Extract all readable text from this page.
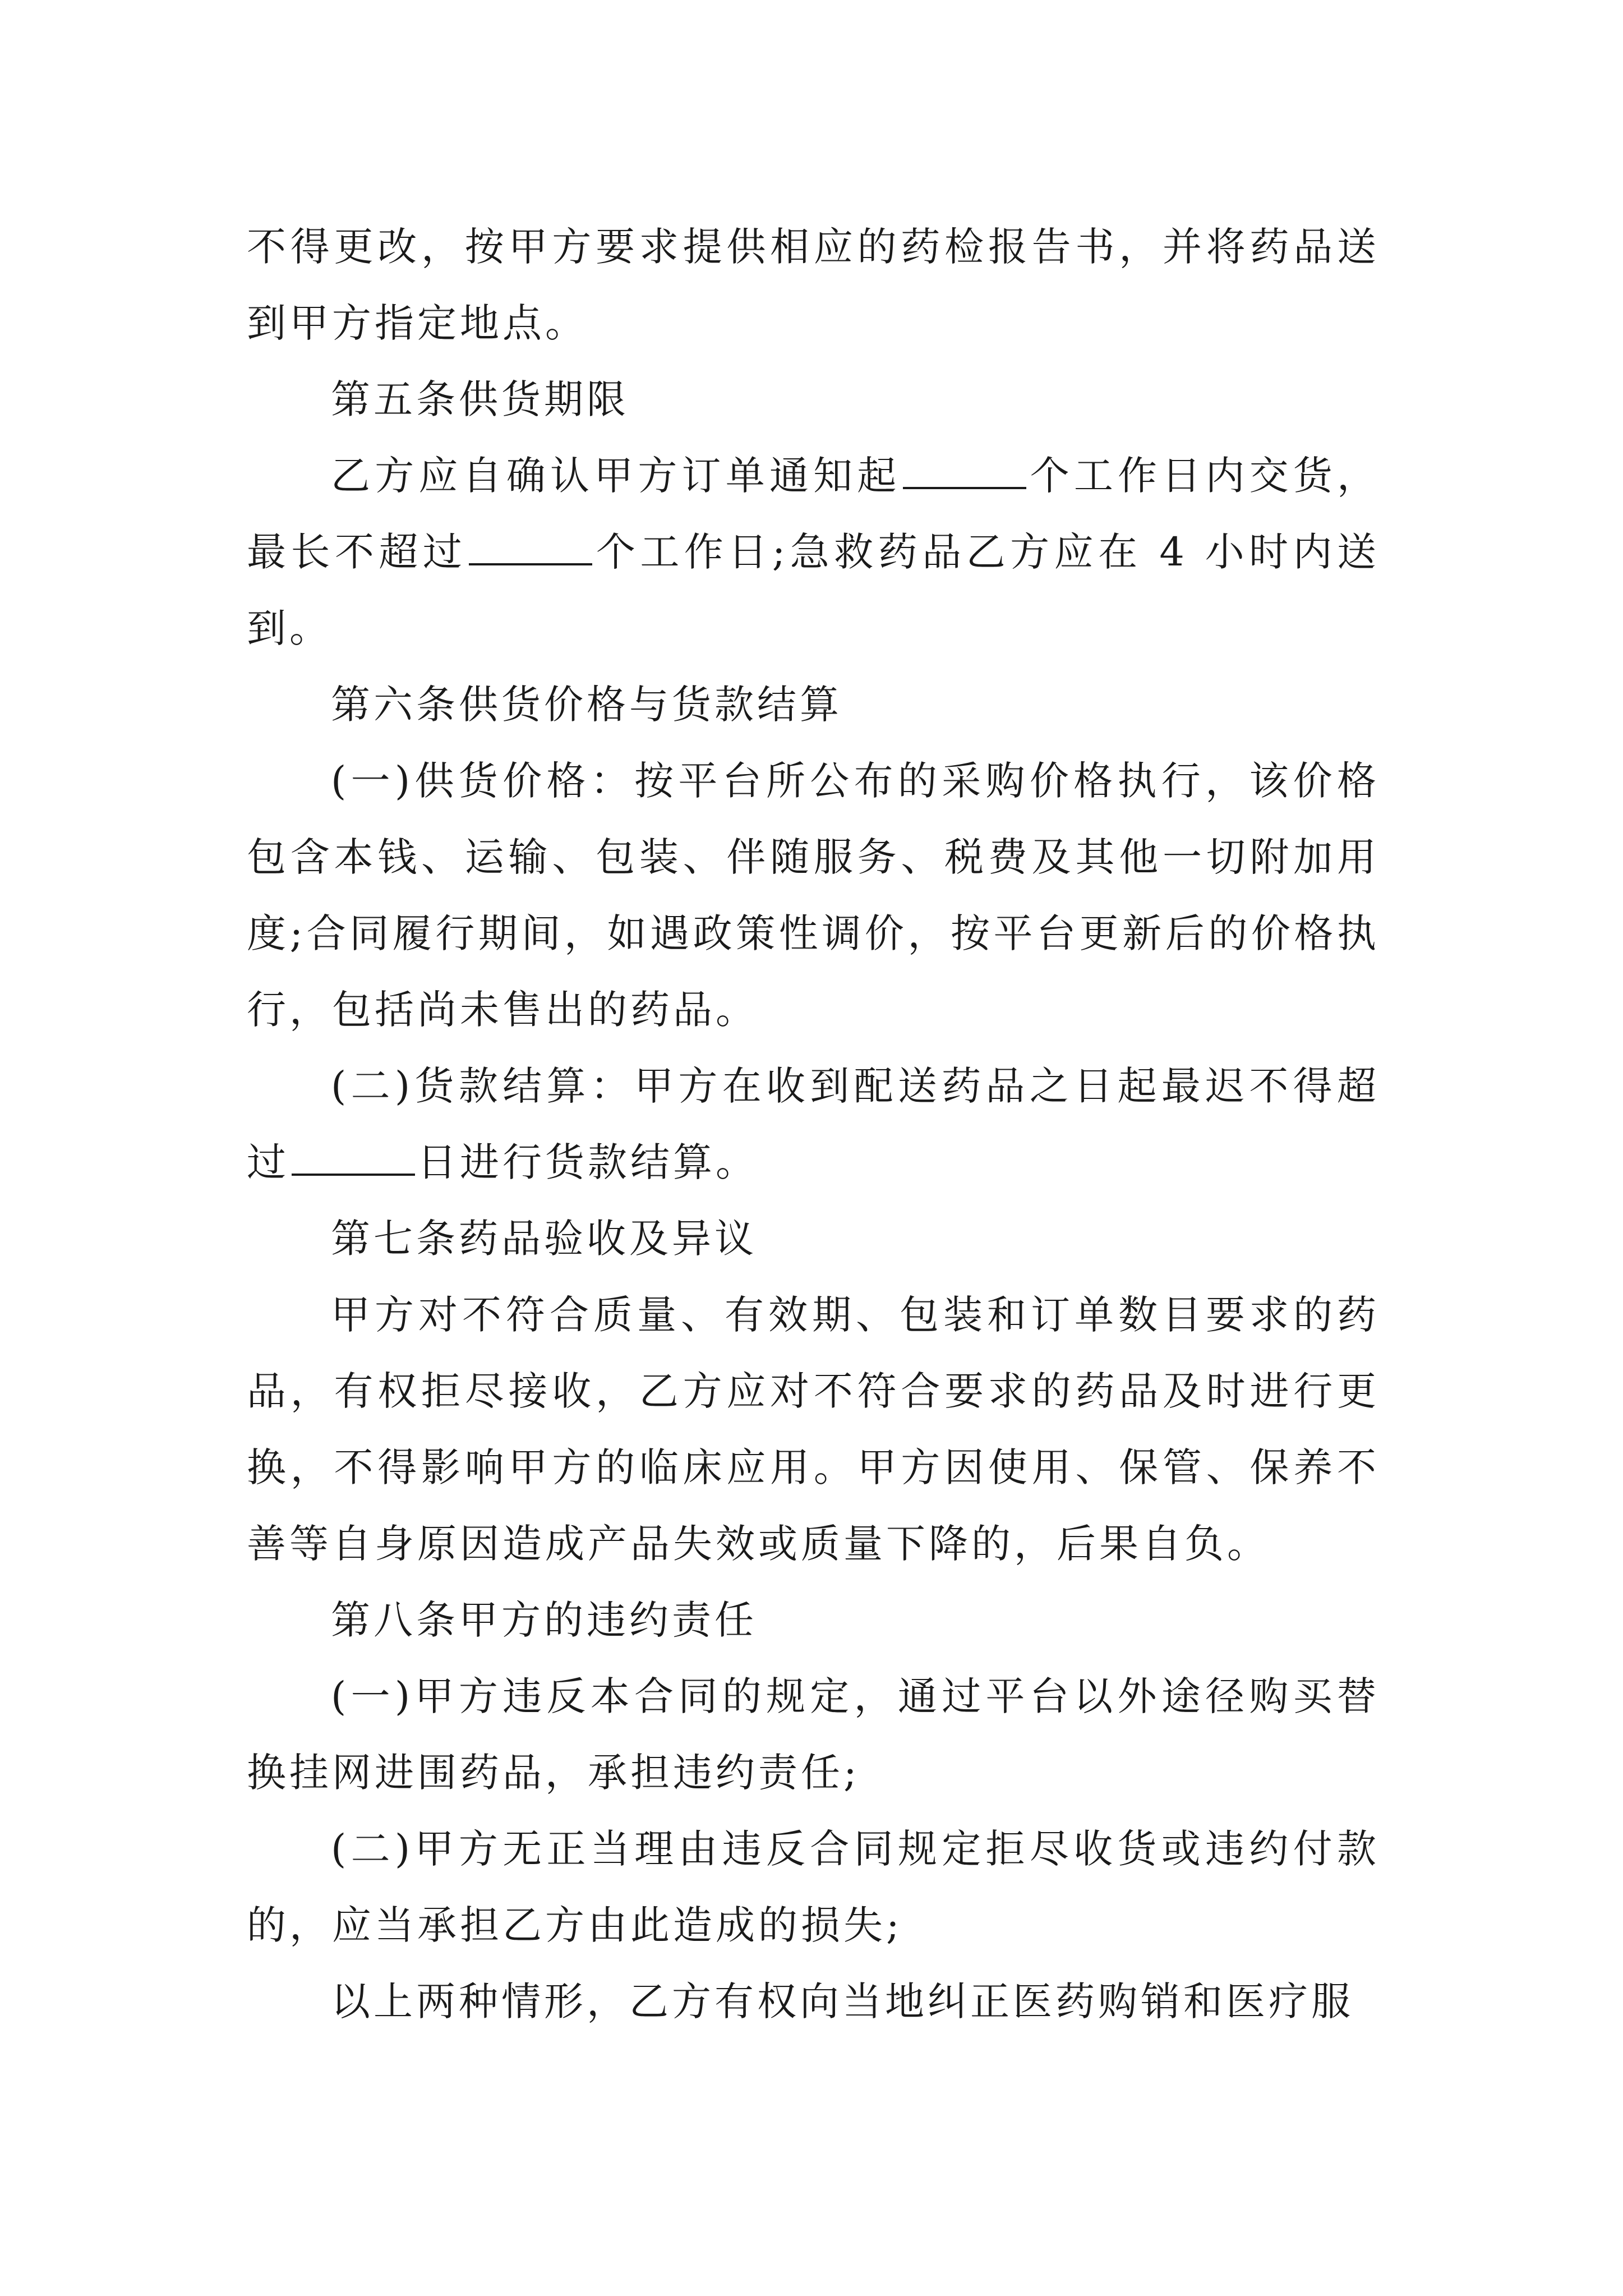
不得更改，按甲方要求提供相应的药检报告书，并将药品送到甲方指定地点。

第五条供货期限

乙方应自确认甲方订单通知起	个工作日内交货，最长不超过	个工作日;急救药品乙方应在 4 小时内送到。

第六条供货价格与货款结算

(一)供货价格：按平台所公布的采购价格执行，该价格包含本钱、运输、包装、伴随服务、税费及其他一切附加用度;合同履行期间，如遇政策性调价，按平台更新后的价格执行，包括尚未售出的药品。

(二)货款结算：甲方在收到配送药品之日起最迟不得超过	日进行货款结算。

第七条药品验收及异议

甲方对不符合质量、有效期、包装和订单数目要求的药品，有权拒尽接收，乙方应对不符合要求的药品及时进行更换，不得影响甲方的临床应用。甲方因使用、保管、保养不善等自身原因造成产品失效或质量下降的，后果自负。

第八条甲方的违约责任

(一)甲方违反本合同的规定，通过平台以外途径购买替换挂网进围药品，承担违约责任;

(二)甲方无正当理由违反合同规定拒尽收货或违约付款的，应当承担乙方由此造成的损失;

以上两种情形，乙方有权向当地纠正医药购销和医疗服
